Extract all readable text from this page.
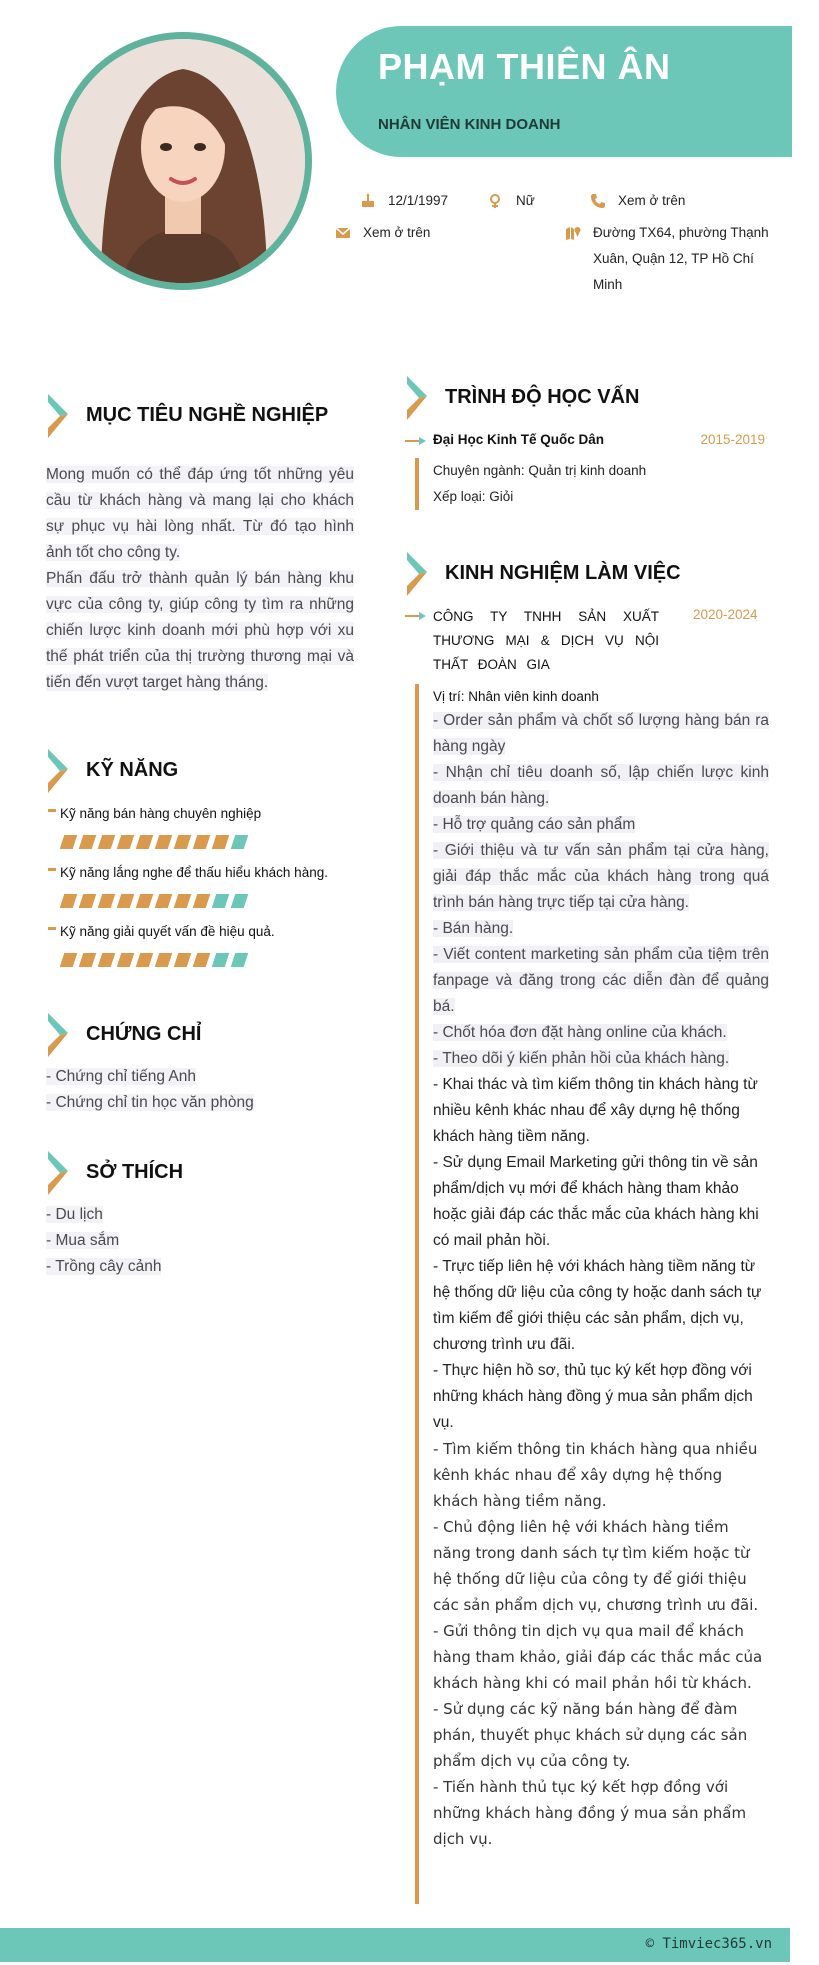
PHẠM THIÊN ÂN
NHÂN VIÊN KINH DOANH
12/1/1997	Nữ	Xem ở trên
Xem ở trên	Đường TX64, phường Thạnh Xuân, Quận 12, TP Hồ Chí Minh
MỤC TIÊU NGHỀ NGHIỆP

Mong muốn có thể đáp ứng tốt những yêu cầu từ khách hàng và mang lại cho khách sự phục vụ hài lòng nhất. Từ đó tạo hình ảnh tốt cho công ty.

Phấn đấu trở thành quản lý bán hàng khu vực của công ty, giúp công ty tìm ra những chiến lược kinh doanh mới phù hợp với xu thế phát triển của thị trường thương mại và tiến đến vượt target hàng tháng.

KỸ NĂNG
Kỹ năng bán hàng chuyên nghiệp
Kỹ năng lắng nghe để thấu hiểu khách hàng.
Kỹ năng giải quyết vấn đề hiệu quả.
CHỨNG CHỈ
- Chứng chỉ tiếng Anh
- Chứng chỉ tin học văn phòng
SỞ THÍCH
- Du lịch
- Mua sắm
- Trồng cây cảnh
TRÌNH ĐỘ HỌC VẤN
Đại Học Kinh Tế Quốc Dân	2015-2019
Chuyên ngành: Quản trị kinh doanh
Xếp loại: Giỏi
KINH NGHIỆM LÀM VIỆC
CÔNG TY TNHH SẢN XUẤT THƯƠNG MẠI & DỊCH VỤ NỘI THẤT ĐOÀN GIA
2020-2024
Vị trí: Nhân viên kinh doanh
- Order sản phẩm và chốt số lượng hàng bán ra hàng ngày
- Nhận chỉ tiêu doanh số, lập chiến lược kinh doanh bán hàng.
- Hỗ trợ quảng cáo sản phẩm
- Giới thiệu và tư vấn sản phẩm tại cửa hàng, giải đáp thắc mắc của khách hàng trong quá trình bán hàng trực tiếp tại cửa hàng.
- Bán hàng.
- Viết content marketing sản phẩm của tiệm trên fanpage và đăng trong các diễn đàn để quảng bá.
- Chốt hóa đơn đặt hàng online của khách.
- Theo dõi ý kiến phản hồi của khách hàng.
- Khai thác và tìm kiếm thông tin khách hàng từ nhiều kênh khác nhau để xây dựng hệ thống khách hàng tiềm năng.
- Sử dụng Email Marketing gửi thông tin về sản phẩm/dịch vụ mới để khách hàng tham khảo hoặc giải đáp các thắc mắc của khách hàng khi có mail phản hồi.
- Trực tiếp liên hệ với khách hàng tiềm năng từ hệ thống dữ liệu của công ty hoặc danh sách tự tìm kiếm để giới thiệu các sản phẩm, dịch vụ, chương trình ưu đãi.
- Thực hiện hồ sơ, thủ tục ký kết hợp đồng với những khách hàng đồng ý mua sản phẩm dịch vụ.
- Tìm kiếm thông tin khách hàng qua nhiều kênh khác nhau để xây dựng hệ thống khách hàng tiềm năng.
- Chủ động liên hệ với khách hàng tiềm năng trong danh sách tự tìm kiếm hoặc từ hệ thống dữ liệu của công ty để giới thiệu các sản phẩm dịch vụ, chương trình ưu đãi.
- Gửi thông tin dịch vụ qua mail để khách hàng tham khảo, giải đáp các thắc mắc của khách hàng khi có mail phản hồi từ khách.
- Sử dụng các kỹ năng bán hàng để đàm phán, thuyết phục khách sử dụng các sản phẩm dịch vụ của công ty.
- Tiến hành thủ tục ký kết hợp đồng với những khách hàng đồng ý mua sản phẩm dịch vụ.
© Timviec365.vn
